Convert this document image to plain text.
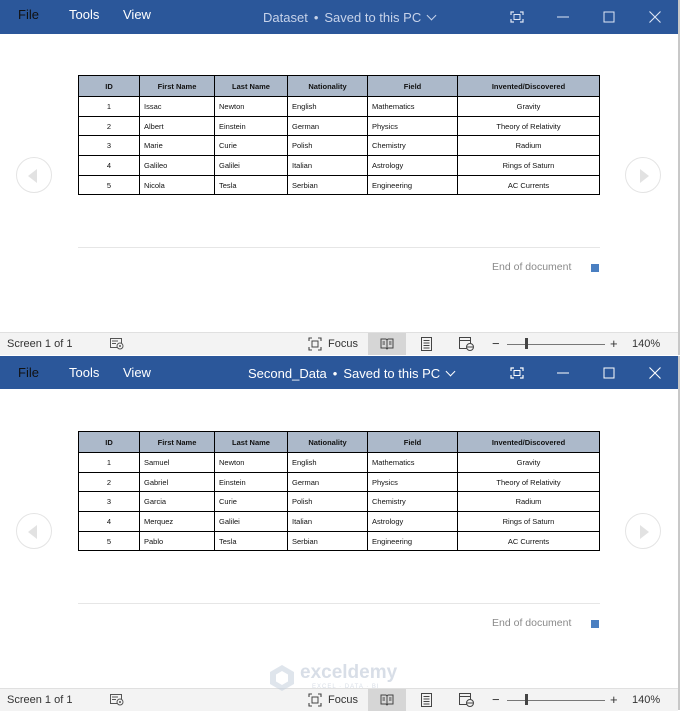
File Tools View	Dataset • Saved to this PC
ID	First Name	Last Name	Nationality	Field	Invented/Discovered
1	Issac	Newton	English	Mathematics	Gravity
2	Albert	Einstein	German	Physics	Theory of Relativity
3	Marie	Curie	Polish	Chemistry	Radium
4	Galileo	Galilei	Italian	Astrology	Rings of Saturn
5	Nicola	Tesla	Serbian	Engineering	AC Currents
End of document
Screen 1 of 1	Focus	−	+ 140%
File Tools View	Second_Data • Saved to this PC
ID	First Name	Last Name	Nationality	Field	Invented/Discovered
1	Samuel	Newton	English	Mathematics	Gravity
2	Gabriel	Einstein	German	Physics	Theory of Relativity
3	Garcia	Curie	Polish	Chemistry	Radium
4	Merquez	Galilei	Italian	Astrology	Rings of Saturn
5	Pablo	Tesla	Serbian	Engineering	AC Currents
End of document
Screen 1 of 1	Focus	−	+ 140%
exceldemy
EXCEL · DATA · BI
